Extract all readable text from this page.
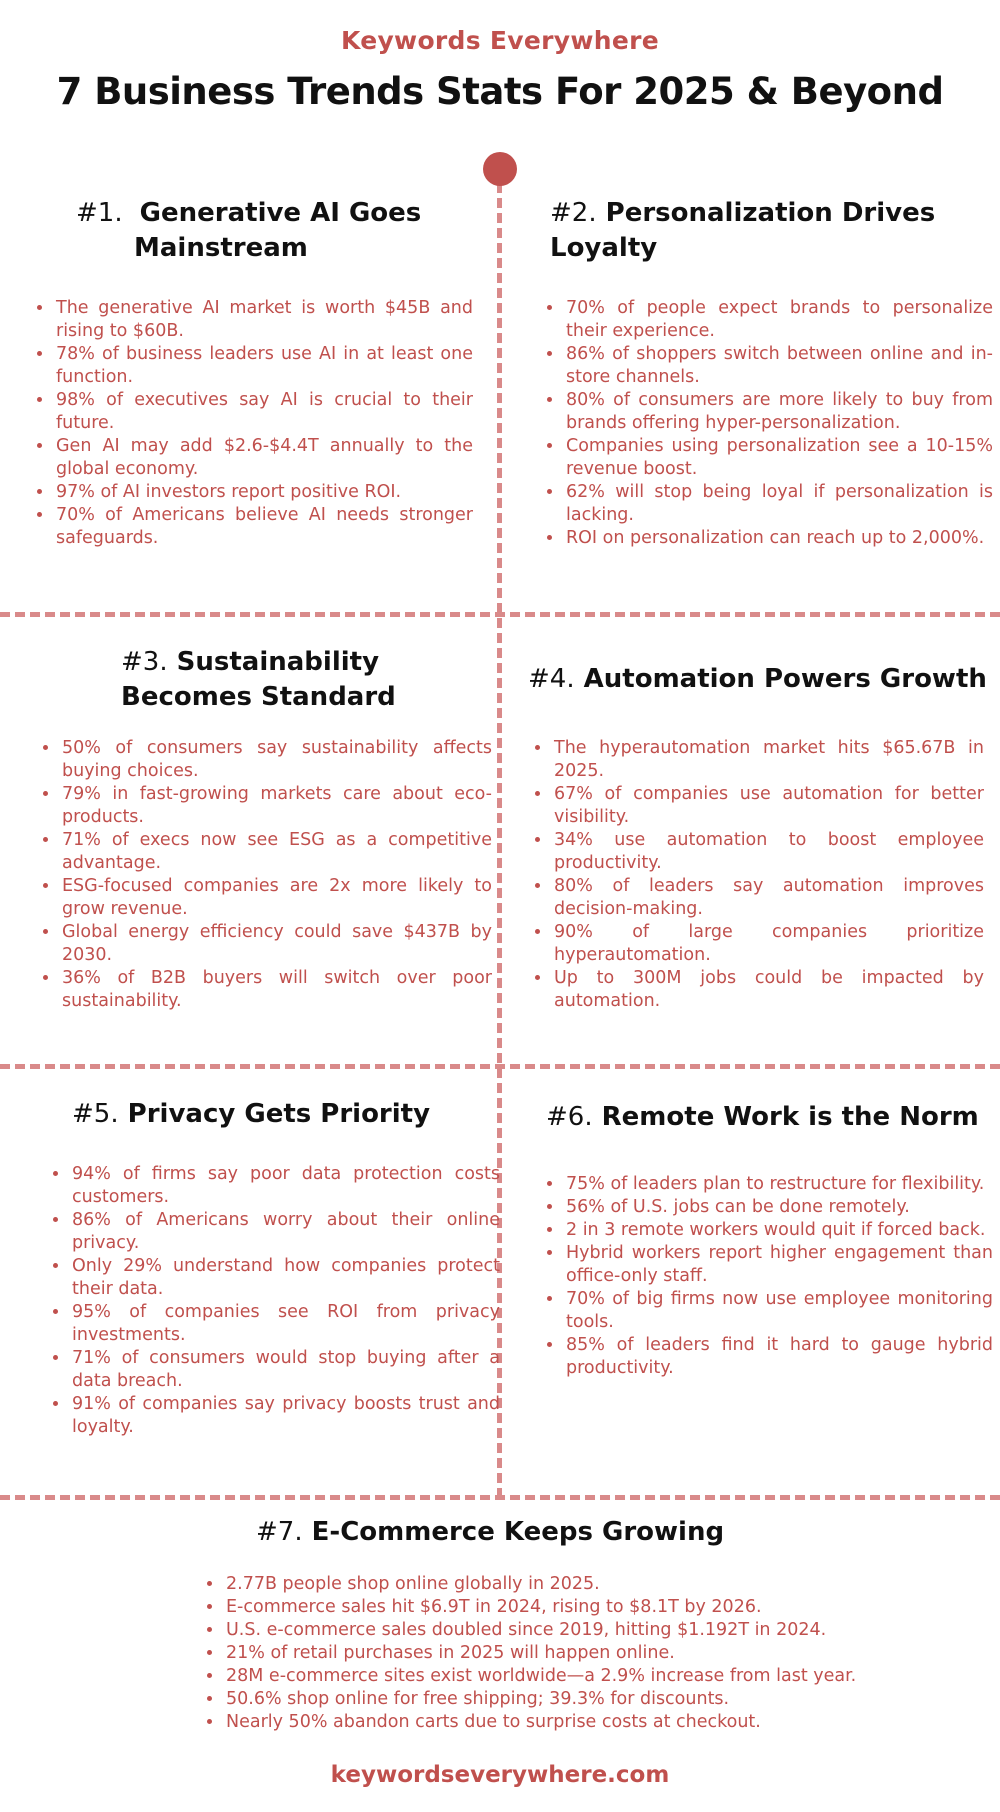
Keywords Everywhere
7 Business Trends Stats For 2025 & Beyond
#1. Generative AI Goes
Mainstream
• The generative AI market is worth $45B and rising to $60B.
• 78% of business leaders use AI in at least one function.
• 98% of executives say AI is crucial to their future.
• Gen AI may add $2.6-$4.4T annually to the global economy.
• 97% of AI investors report positive ROI.
• 70% of Americans believe AI needs stronger safeguards.
#2. Personalization Drives
Loyalty
• 70% of people expect brands to personalize their experience.
• 86% of shoppers switch between online and in-store channels.
• 80% of consumers are more likely to buy from brands offering hyper-personalization.
• Companies using personalization see a 10-15% revenue boost.
• 62% will stop being loyal if personalization is lacking.
• ROI on personalization can reach up to 2,000%.
#3. Sustainability
Becomes Standard
• 50% of consumers say sustainability affects buying choices.
• 79% in fast-growing markets care about eco-products.
• 71% of execs now see ESG as a competitive advantage.
• ESG-focused companies are 2x more likely to grow revenue.
• Global energy efficiency could save $437B by 2030.
• 36% of B2B buyers will switch over poor sustainability.
#4. Automation Powers Growth
• The hyperautomation market hits $65.67B in 2025.
• 67% of companies use automation for better visibility.
• 34% use automation to boost employee productivity.
• 80% of leaders say automation improves decision-making.
• 90% of large companies prioritize hyperautomation.
• Up to 300M jobs could be impacted by automation.
#5. Privacy Gets Priority
• 94% of firms say poor data protection costs customers.
• 86% of Americans worry about their online privacy.
• Only 29% understand how companies protect their data.
• 95% of companies see ROI from privacy investments.
• 71% of consumers would stop buying after a data breach.
• 91% of companies say privacy boosts trust and loyalty.
#6. Remote Work is the Norm
• 75% of leaders plan to restructure for flexibility.
• 56% of U.S. jobs can be done remotely.
• 2 in 3 remote workers would quit if forced back.
• Hybrid workers report higher engagement than office-only staff.
• 70% of big firms now use employee monitoring tools.
• 85% of leaders find it hard to gauge hybrid productivity.
#7. E-Commerce Keeps Growing
• 2.77B people shop online globally in 2025.
• E-commerce sales hit $6.9T in 2024, rising to $8.1T by 2026.
• U.S. e-commerce sales doubled since 2019, hitting $1.192T in 2024.
• 21% of retail purchases in 2025 will happen online.
• 28M e-commerce sites exist worldwide—a 2.9% increase from last year.
• 50.6% shop online for free shipping; 39.3% for discounts.
• Nearly 50% abandon carts due to surprise costs at checkout.
keywordseverywhere.com
